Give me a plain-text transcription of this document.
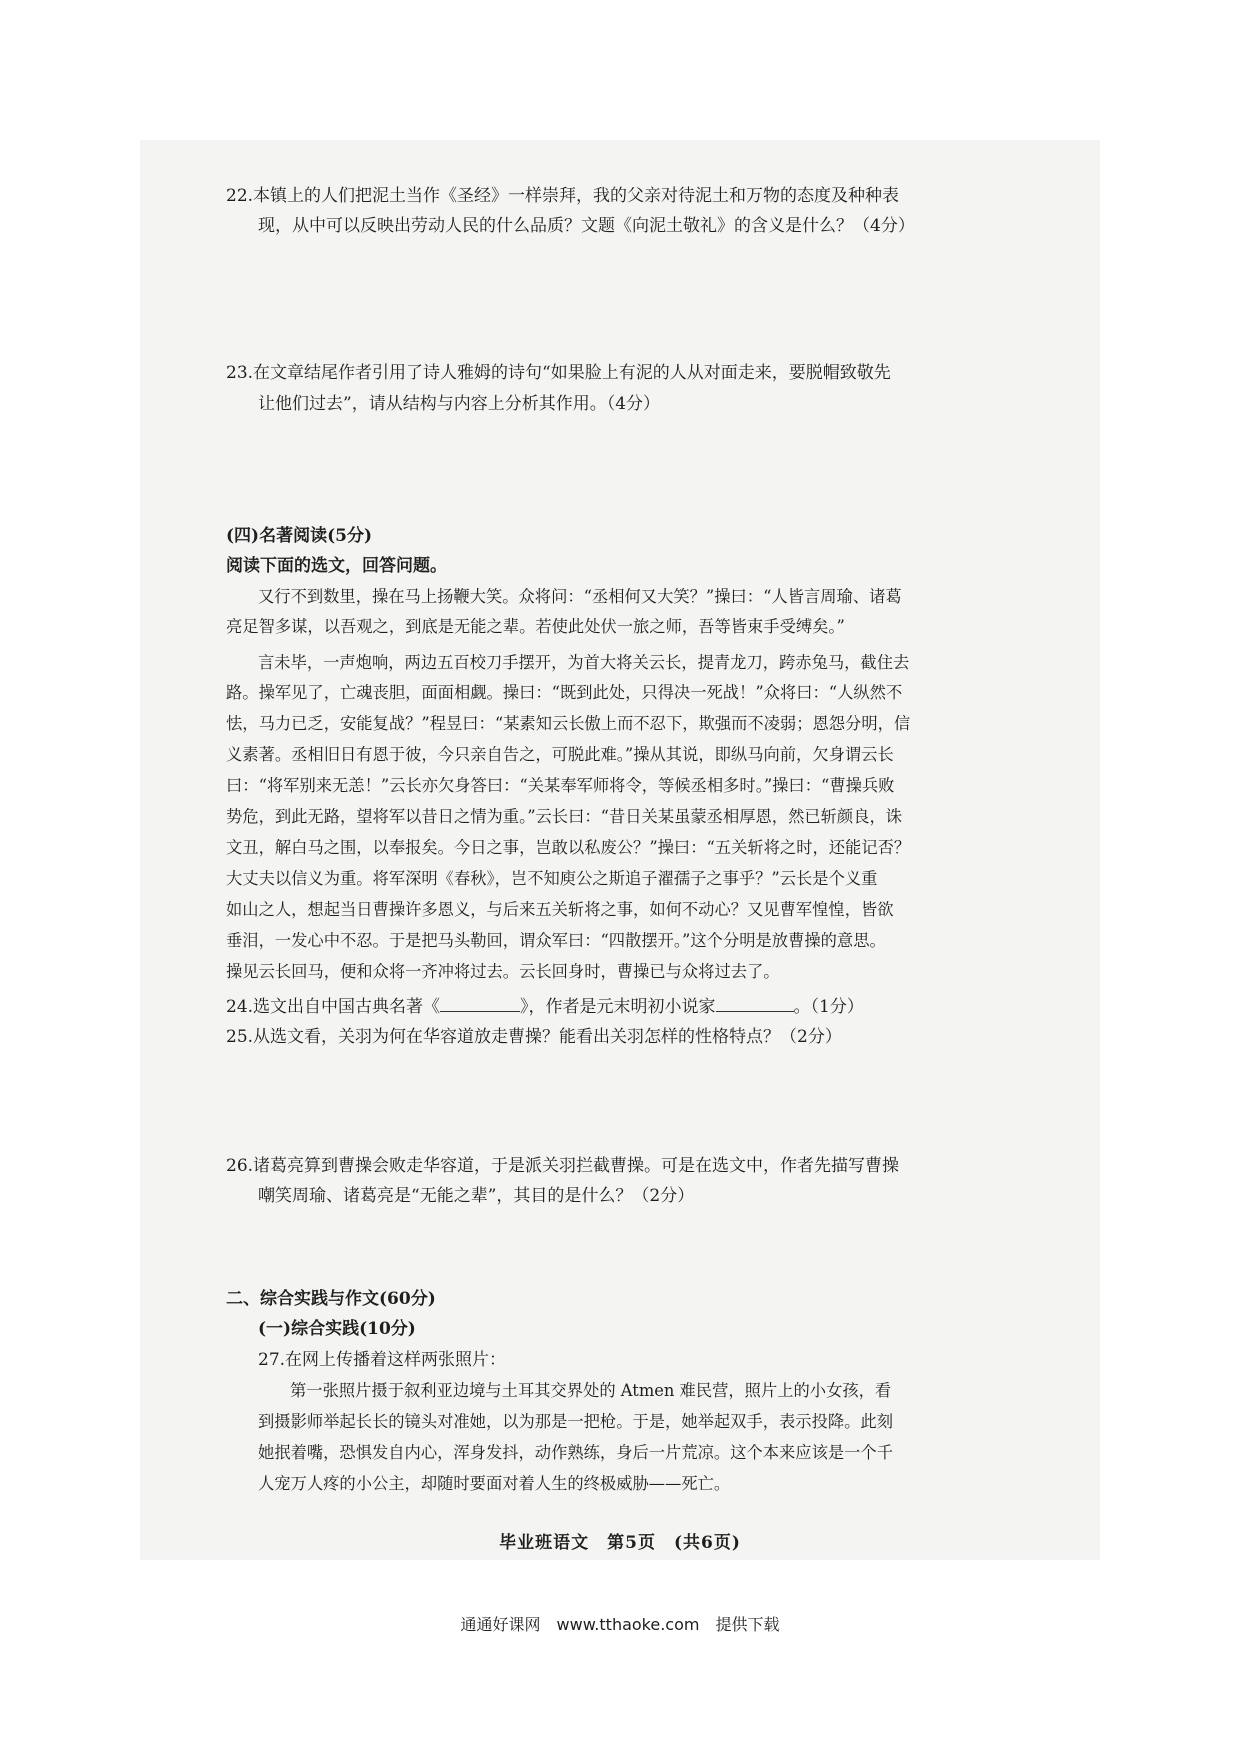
22.本镇上的人们把泥土当作《圣经》一样崇拜，我的父亲对待泥土和万物的态度及种种表
现，从中可以反映出劳动人民的什么品质？文题《向泥土敬礼》的含义是什么？（4分）
23.在文章结尾作者引用了诗人雅姆的诗句“如果脸上有泥的人从对面走来，要脱帽致敬先
让他们过去”，请从结构与内容上分析其作用。（4分）
(四)名著阅读(5分)
阅读下面的选文，回答问题。
又行不到数里，操在马上扬鞭大笑。众将问：“丞相何又大笑？”操曰：“人皆言周瑜、诸葛
亮足智多谋，以吾观之，到底是无能之辈。若使此处伏一旅之师，吾等皆束手受缚矣。”
言未毕，一声炮响，两边五百校刀手摆开，为首大将关云长，提青龙刀，跨赤兔马，截住去
路。操军见了，亡魂丧胆，面面相觑。操曰：“既到此处，只得决一死战！”众将曰：“人纵然不
怯，马力已乏，安能复战？”程昱曰：“某素知云长傲上而不忍下，欺强而不凌弱；恩怨分明，信
义素著。丞相旧日有恩于彼，今只亲自告之，可脱此难。”操从其说，即纵马向前，欠身谓云长
曰：“将军别来无恙！”云长亦欠身答曰：“关某奉军师将令，等候丞相多时。”操曰：“曹操兵败
势危，到此无路，望将军以昔日之情为重。”云长曰：“昔日关某虽蒙丞相厚恩，然已斩颜良，诛
文丑，解白马之围，以奉报矣。今日之事，岂敢以私废公？”操曰：“五关斩将之时，还能记否？
大丈夫以信义为重。将军深明《春秋》，岂不知庾公之斯追子濯孺子之事乎？”云长是个义重
如山之人，想起当日曹操许多恩义，与后来五关斩将之事，如何不动心？又见曹军惶惶，皆欲
垂泪，一发心中不忍。于是把马头勒回，谓众军曰：“四散摆开。”这个分明是放曹操的意思。
操见云长回马，便和众将一齐冲将过去。云长回身时，曹操已与众将过去了。
24.选文出自中国古典名著《	》，作者是元末明初小说家	。（1分）
25.从选文看，关羽为何在华容道放走曹操？能看出关羽怎样的性格特点？（2分）
26.诸葛亮算到曹操会败走华容道，于是派关羽拦截曹操。可是在选文中，作者先描写曹操
嘲笑周瑜、诸葛亮是“无能之辈”，其目的是什么？（2分）
二、综合实践与作文(60分)
(一)综合实践(10分)
27.在网上传播着这样两张照片：
第一张照片摄于叙利亚边境与土耳其交界处的 Atmen 难民营，照片上的小女孩，看
到摄影师举起长长的镜头对准她，以为那是一把枪。于是，她举起双手，表示投降。此刻
她抿着嘴，恐惧发自内心，浑身发抖，动作熟练，身后一片荒凉。这个本来应该是一个千
人宠万人疼的小公主，却随时要面对着人生的终极威胁——死亡。
毕业班语文　第5页　(共6页)
通通好课网　www.tthaoke.com　提供下载
